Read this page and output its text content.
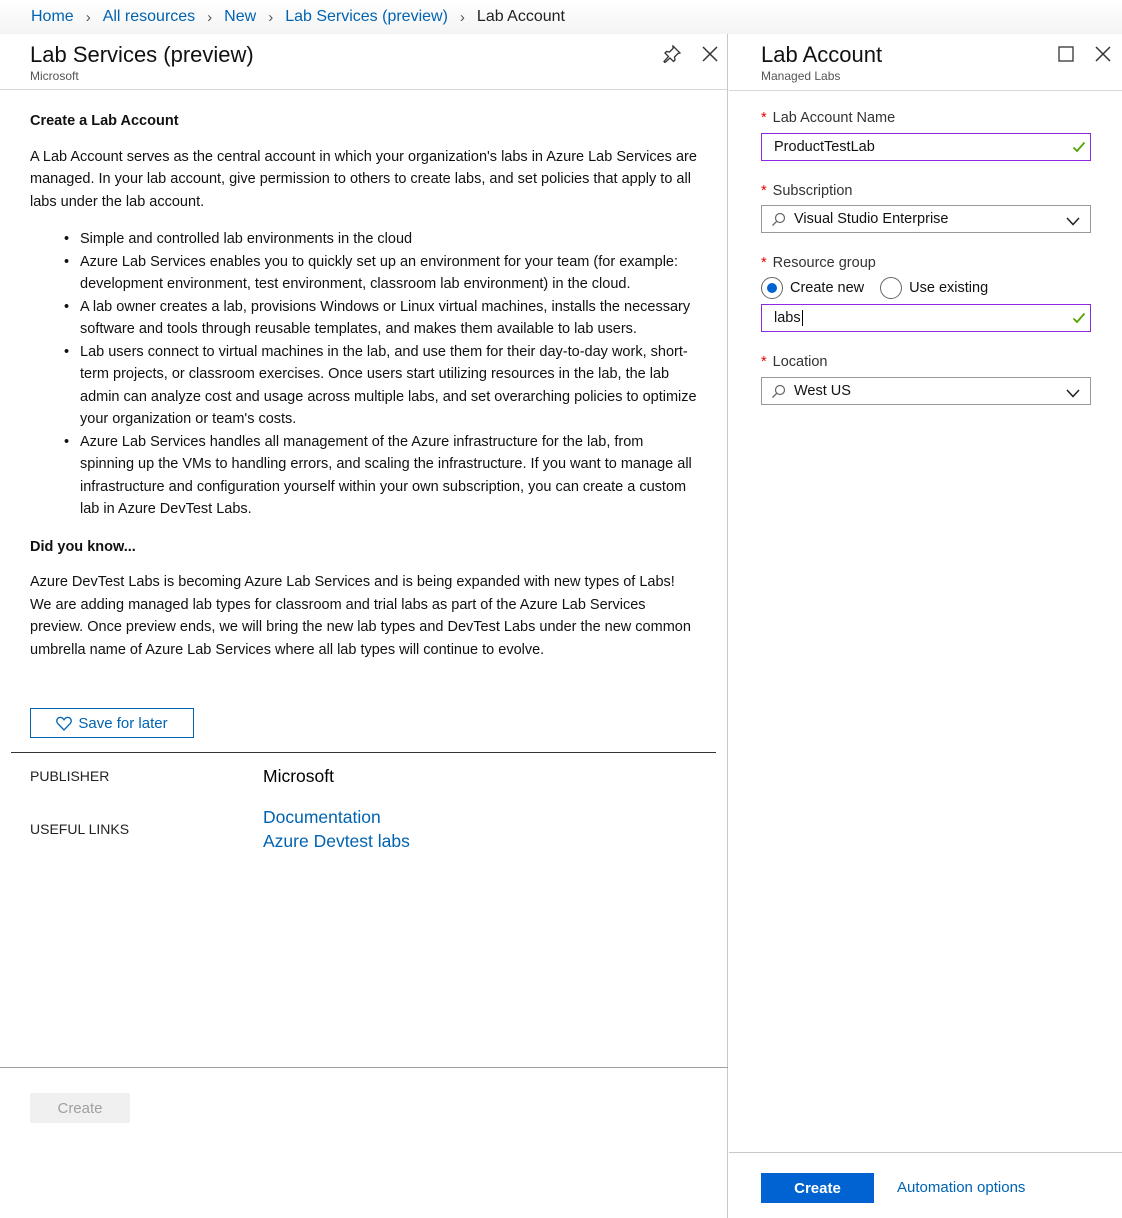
Home › All resources › New › Lab Services (preview) › Lab Account
Lab Services (preview)
Microsoft
Create a Lab Account
A Lab Account serves as the central account in which your organization's labs in Azure Lab Services are managed. In your lab account, give permission to others to create labs, and set policies that apply to all labs under the lab account.
• Simple and controlled lab environments in the cloud
• Azure Lab Services enables you to quickly set up an environment for your team (for example: development environment, test environment, classroom lab environment) in the cloud.
• A lab owner creates a lab, provisions Windows or Linux virtual machines, installs the necessary software and tools through reusable templates, and makes them available to lab users.
• Lab users connect to virtual machines in the lab, and use them for their day-to-day work, short-term projects, or classroom exercises. Once users start utilizing resources in the lab, the lab admin can analyze cost and usage across multiple labs, and set overarching policies to optimize your organization or team's costs.
• Azure Lab Services handles all management of the Azure infrastructure for the lab, from spinning up the VMs to handling errors, and scaling the infrastructure. If you want to manage all infrastructure and configuration yourself within your own subscription, you can create a custom lab in Azure DevTest Labs.
Did you know...
Azure DevTest Labs is becoming Azure Lab Services and is being expanded with new types of Labs! We are adding managed lab types for classroom and trial labs as part of the Azure Lab Services preview. Once preview ends, we will bring the new lab types and DevTest Labs under the new common umbrella name of Azure Lab Services where all lab types will continue to evolve.
Save for later
PUBLISHER	Microsoft
USEFUL LINKS
Documentation
Azure Devtest labs
Create
Lab Account
Managed Labs
* Lab Account Name
ProductTestLab
* Subscription
Visual Studio Enterprise
* Resource group
Create new	Use existing
labs
* Location
West US
Create	Automation options
